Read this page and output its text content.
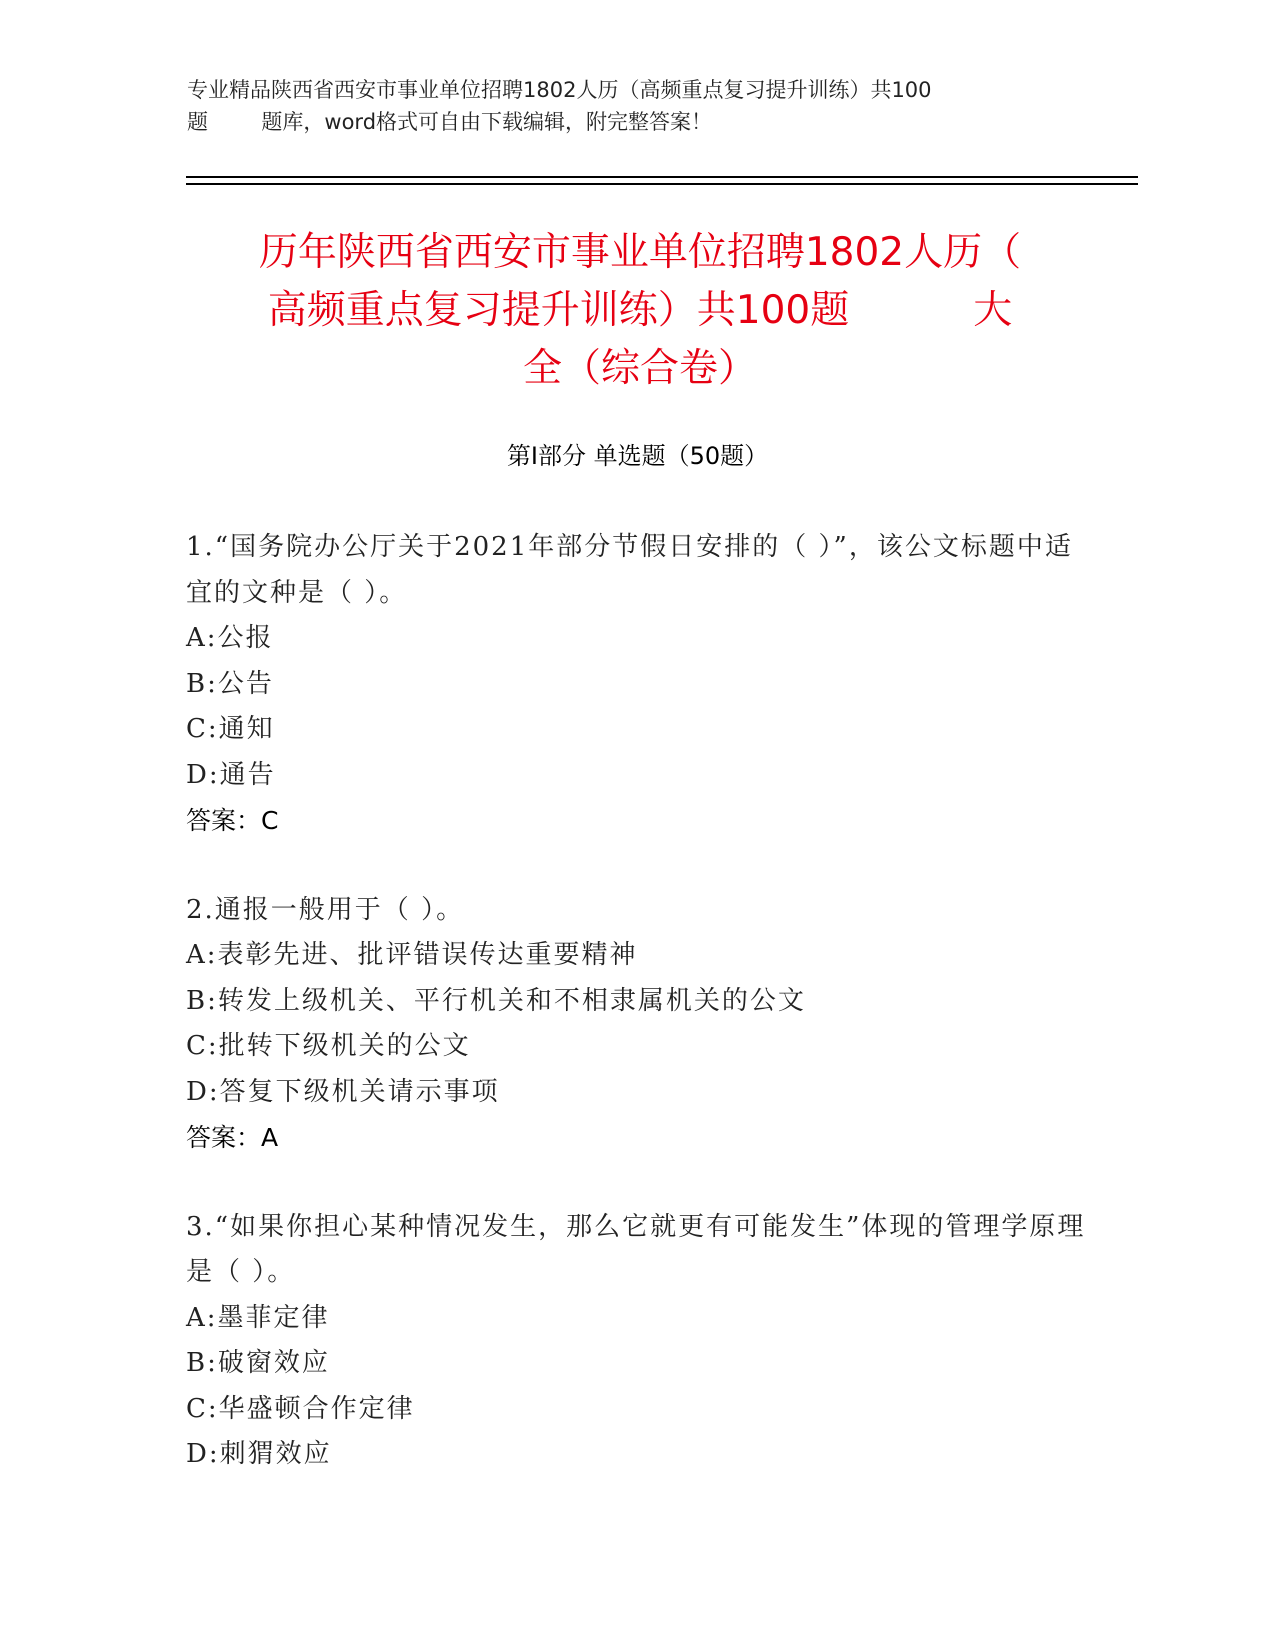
专业精品陕西省西安市事业单位招聘1802人历（高频重点复习提升训练）共100
题        题库，word格式可自由下载编辑，附完整答案！
历年陕西省西安市事业单位招聘1802人历（
高频重点复习提升训练）共100题          大
全（综合卷）
第Ⅰ部分 单选题（50题）
1.“国务院办公厅关于2021年部分节假日安排的（ ）”，该公文标题中适宜的文种是（ ）。
A:公报
B:公告
C:通知
D:通告
答案：C
2.通报一般用于（ ）。
A:表彰先进、批评错误传达重要精神
B:转发上级机关、平行机关和不相隶属机关的公文
C:批转下级机关的公文
D:答复下级机关请示事项
答案：A
3.“如果你担心某种情况发生，那么它就更有可能发生”体现的管理学原理是（ ）。
A:墨菲定律
B:破窗效应
C:华盛顿合作定律
D:刺猬效应
